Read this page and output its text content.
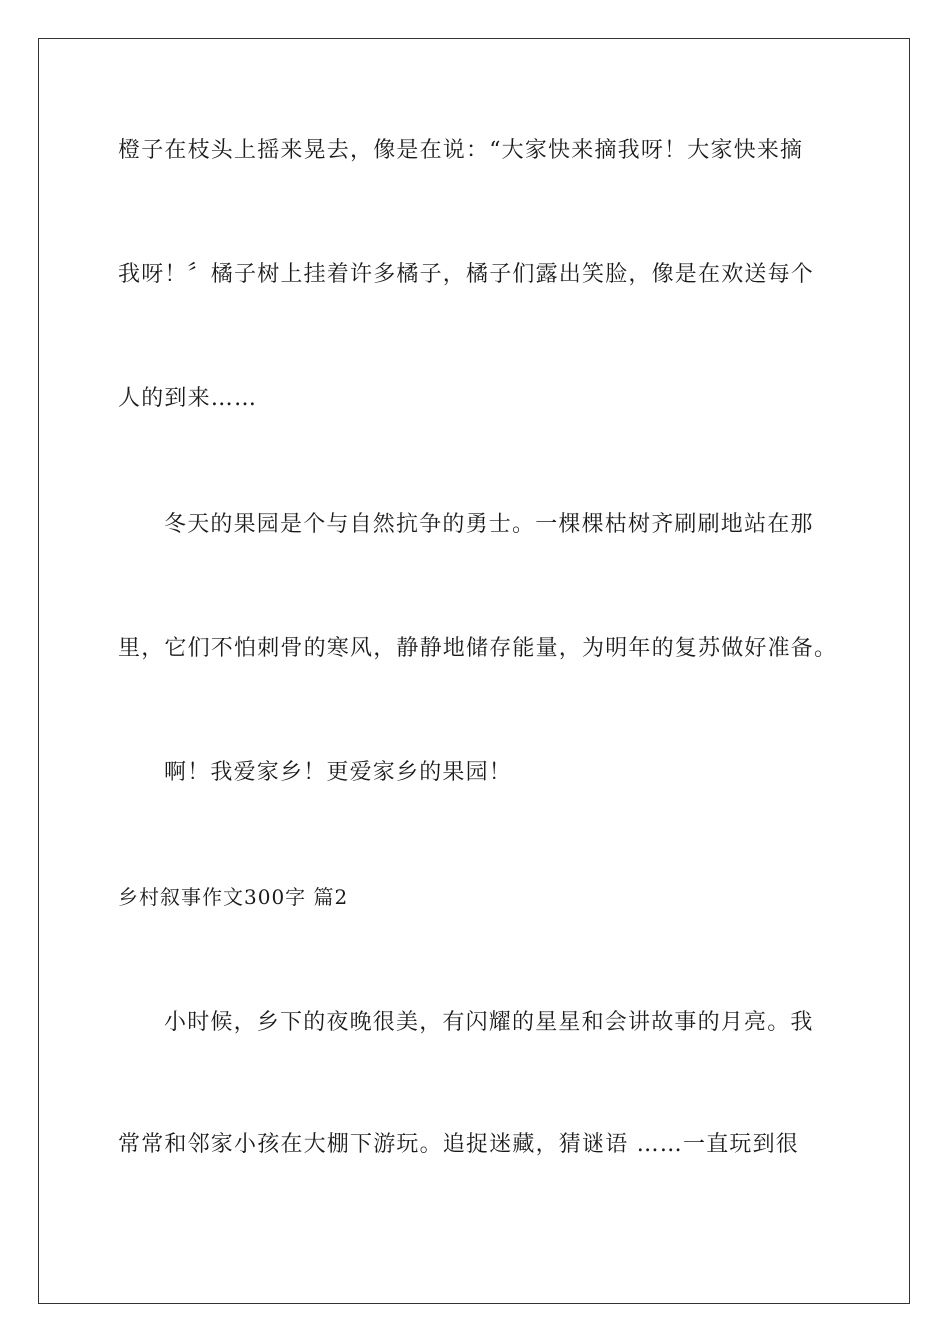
橙子在枝头上摇来晃去，像是在说：“大家快来摘我呀！大家快来摘
我呀！〞橘子树上挂着许多橘子，橘子们露出笑脸，像是在欢送每个
人的到来……
冬天的果园是个与自然抗争的勇士。一棵棵枯树齐刷刷地站在那
里，它们不怕刺骨的寒风，静静地储存能量，为明年的复苏做好准备。
啊！我爱家乡！更爱家乡的果园！
乡村叙事作文300字 篇2
小时候，乡下的夜晚很美，有闪耀的星星和会讲故事的月亮。我
常常和邻家小孩在大棚下游玩。追捉迷藏，猜谜语 ……一直玩到很
